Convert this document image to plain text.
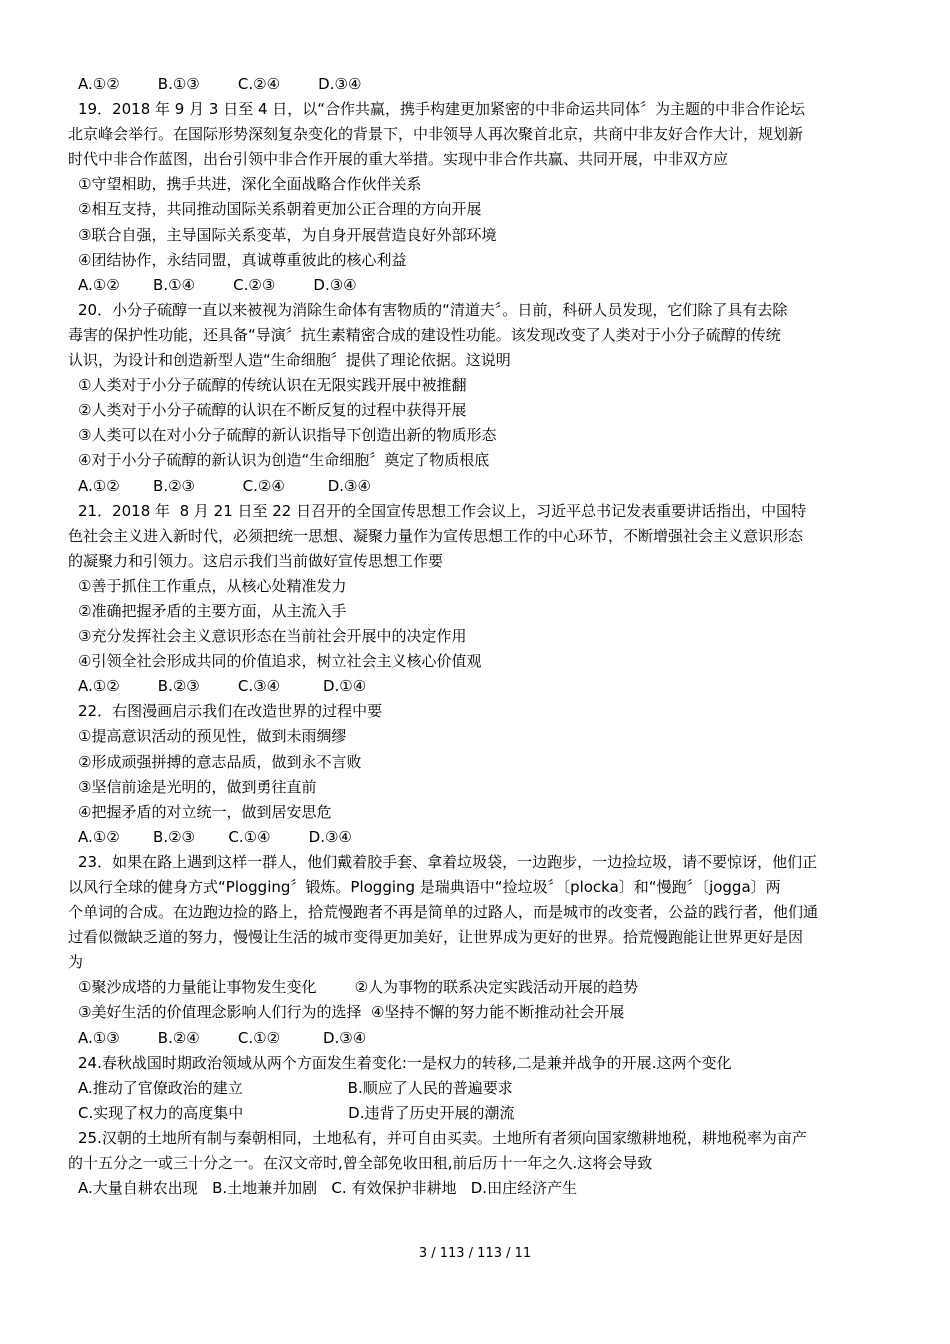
A.①②        B.①③        C.②④        D.③④
19．2018 年 9 月 3 日至 4 日，以“合作共赢，携手构建更加紧密的中非命运共同体〞为主题的中非合作论坛
北京峰会举行。在国际形势深刻复杂变化的背景下，中非领导人再次聚首北京，共商中非友好合作大计，规划新
时代中非合作蓝图，出台引领中非合作开展的重大举措。实现中非合作共赢、共同开展，中非双方应
①守望相助，携手共进，深化全面战略合作伙伴关系
②相互支持，共同推动国际关系朝着更加公正合理的方向开展
③联合自强，主导国际关系变革，为自身开展营造良好外部环境
④团结协作，永结同盟，真诚尊重彼此的核心利益
A.①②       B.①④        C.②③        D.③④
20．小分子硫醇一直以来被视为消除生命体有害物质的“清道夫〞。日前，科研人员发现，它们除了具有去除
毒害的保护性功能，还具备“导演〞抗生素精密合成的建设性功能。该发现改变了人类对于小分子硫醇的传统
认识，为设计和创造新型人造“生命细胞〞提供了理论依据。这说明
①人类对于小分子硫醇的传统认识在无限实践开展中被推翻
②人类对于小分子硫醇的认识在不断反复的过程中获得开展
③人类可以在对小分子硫醇的新认识指导下创造出新的物质形态
④对于小分子硫醇的新认识为创造“生命细胞〞奠定了物质根底
A.①②       B.②③          C.②④         D.③④
21．2018 年  8 月 21 日至 22 日召开的全国宣传思想工作会议上，习近平总书记发表重要讲话指出，中国特
色社会主义进入新时代，必须把统一思想、凝聚力量作为宣传思想工作的中心环节，不断增强社会主义意识形态
的凝聚力和引领力。这启示我们当前做好宣传思想工作要
①善于抓住工作重点，从核心处精准发力
②准确把握矛盾的主要方面，从主流入手
③充分发挥社会主义意识形态在当前社会开展中的决定作用
④引领全社会形成共同的价值追求，树立社会主义核心价值观
A.①②        B.②③        C.③④         D.①④
22．右图漫画启示我们在改造世界的过程中要
①提高意识活动的预见性，做到未雨绸缪
②形成顽强拼搏的意志品质，做到永不言败
③坚信前途是光明的，做到勇往直前
④把握矛盾的对立统一，做到居安思危
A.①②       B.②③       C.①④        D.③④
23．如果在路上遇到这样一群人，他们戴着胶手套、拿着垃圾袋，一边跑步，一边捡垃圾，请不要惊讶，他们正
以风行全球的健身方式“Plogging〞锻炼。Plogging 是瑞典语中“捡垃圾〞〔plocka〕和“慢跑〞〔jogga〕两
个单词的合成。在边跑边捡的路上，拾荒慢跑者不再是简单的过路人，而是城市的改变者，公益的践行者，他们通
过看似微缺乏道的努力，慢慢让生活的城市变得更加美好，让世界成为更好的世界。拾荒慢跑能让世界更好是因
为
①聚沙成塔的力量能让事物发生变化        ②人为事物的联系决定实践活动开展的趋势
③美好生活的价值理念影响人们行为的选择  ④坚持不懈的努力能不断推动社会开展
A.①③        B.②④        C.①②         D.③④
24.春秋战国时期政治领域从两个方面发生着变化:一是权力的转移,二是兼并战争的开展.这两个变化
A.推动了官僚政治的建立                      B.顺应了人民的普遍要求
C.实现了权力的高度集中                      D.违背了历史开展的潮流
25.汉朝的土地所有制与秦朝相同，土地私有，并可自由买卖。土地所有者须向国家缴耕地税，耕地税率为亩产
的十五分之一或三十分之一。在汉文帝时,曾全部免收田租,前后历十一年之久.这将会导致
A.大量自耕农出现   B.土地兼并加剧   C. 有效保护非耕地   D.田庄经济产生
3 / 113 / 113 / 11
